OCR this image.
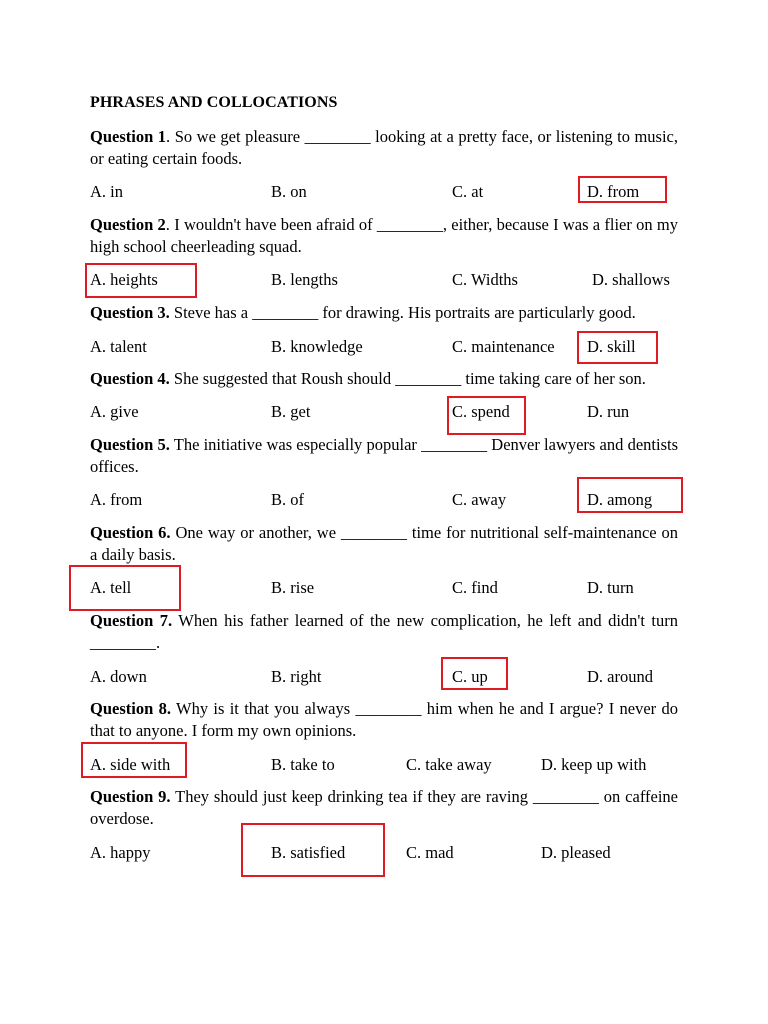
PHRASES AND COLLOCATIONS
Question 1. So we get pleasure ________ looking at a pretty face, or listening to music, or eating certain foods.
A. in	B. on	C. at	D. from
Question 2. I wouldn't have been afraid of ________, either, because I was a flier on my high school cheerleading squad.
A. heights	B. lengths	C. Widths	D. shallows
Question 3. Steve has a ________ for drawing. His portraits are particularly good.
A. talent	B. knowledge	C. maintenance D. skill
Question 4. She suggested that Roush should ________ time taking care of her son.
A. give	B. get	C. spend	D. run
Question 5. The initiative was especially popular ________ Denver lawyers and dentists offices.
A. from	B. of	C. away	D. among
Question 6. One way or another, we ________ time for nutritional self-maintenance on a daily basis.
A. tell	B. rise	C. find	D. turn
Question 7. When his father learned of the new complication, he left and didn't turn ________.
A. down	B. right	C. up	D. around
Question 8. Why is it that you always ________ him when he and I argue? I never do that to anyone. I form my own opinions.
A. side with	B. take to	C. take away	D. keep up with
Question 9. They should just keep drinking tea if they are raving ________ on caffeine overdose.
A. happy	B. satisfied	C. mad	D. pleased
